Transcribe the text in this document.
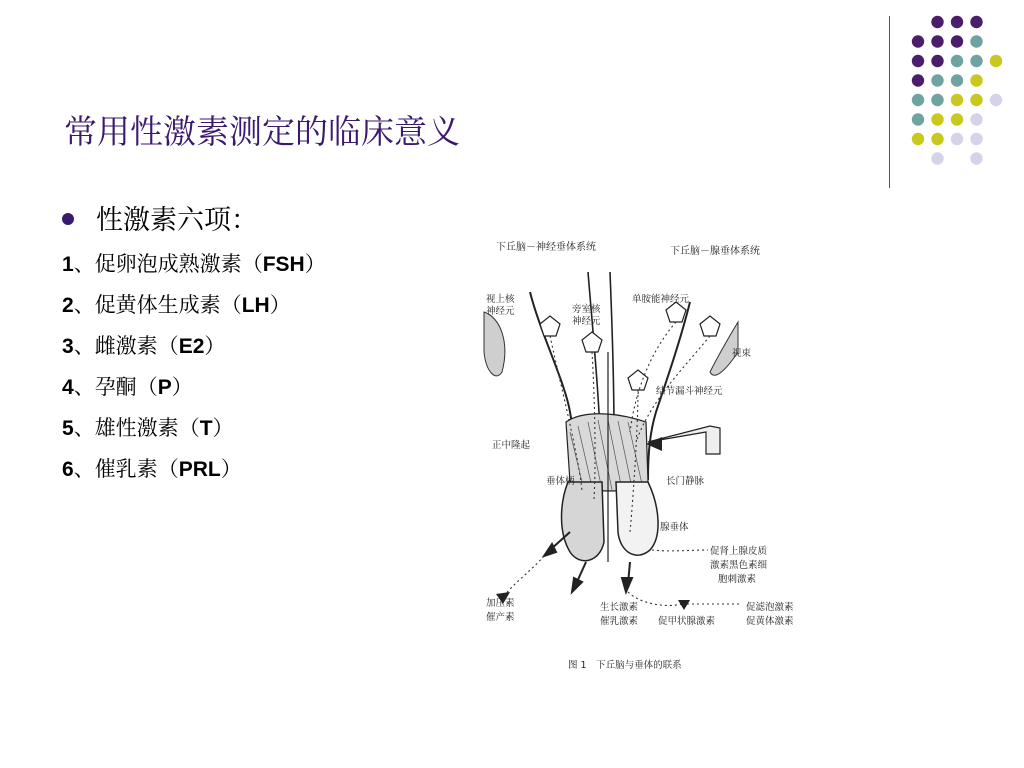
常用性激素测定的临床意义
性激素六项：
1、促卵泡成熟激素（FSH）
2、促黄体生成素（LH）
3、雌激素（E2）
4、孕酮（P）
5、雄性激素（T）
6、催乳素（PRL）
下丘脑－神经垂体系统	下丘脑－腺垂体系统
视上核
神经元	旁室核
神经元
单胺能神经元
视束
结节漏斗神经元
正中隆起
垂体柄	长门静脉
腺垂体
促肾上腺皮质
激素黑色素细
胞刺激素
加压素
催产素
生长激素
催乳激素 促甲状腺激素
促滤泡激素
促黄体激素
图 1　下丘脑与垂体的联系
